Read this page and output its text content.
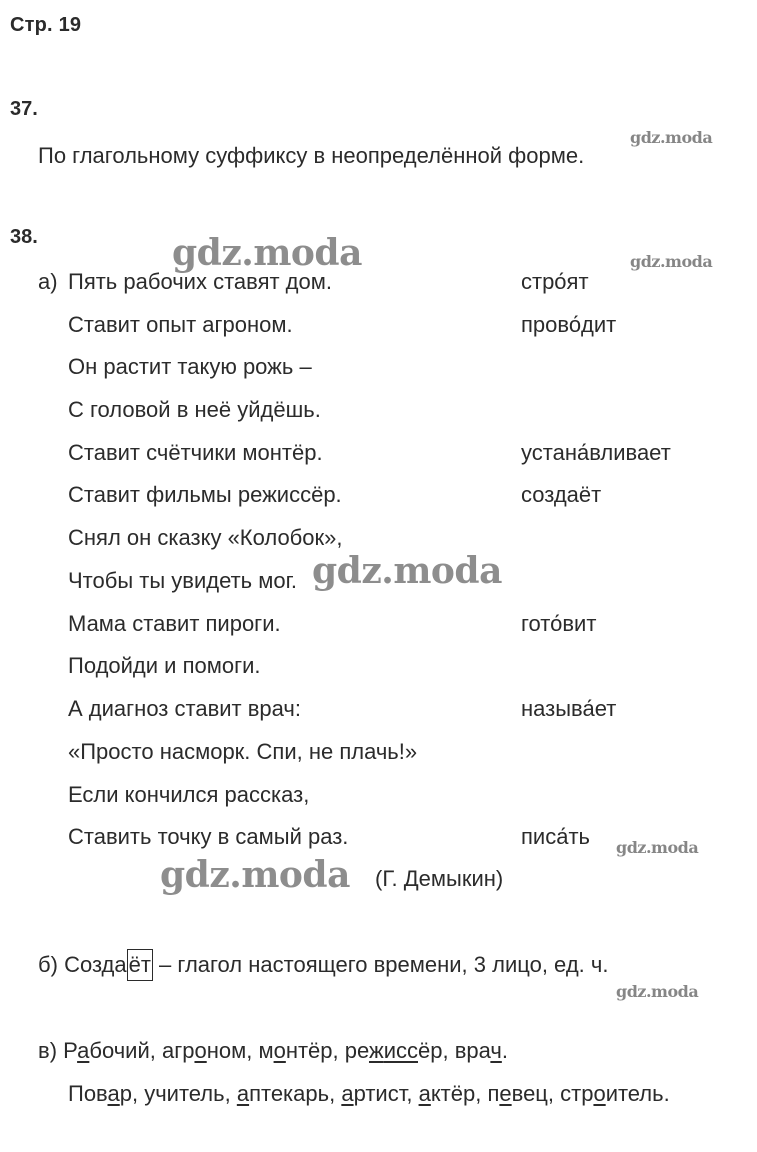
Стр. 19
37.
По глагольному суффиксу в неопределённой форме.
38.
а) Пять рабочих ставят дом.
Ставит опыт агроном.
Он растит такую рожь –
С головой в неё уйдёшь.
Ставит счётчики монтёр.
Ставит фильмы режиссёр.
Снял он сказку «Колобок»,
Чтобы ты увидеть мог.
Мама ставит пироги.
Подойди и помоги.
А диагноз ставит врач:
«Просто насморк. Спи, не плачь!»
Если кончился рассказ,
Ставить точку в самый раз.
стро́ят
прово́дит
устана́вливает
создаёт
гото́вит
называ́ет
писа́ть
(Г. Демыкин)
б) Создаёт – глагол настоящего времени, 3 лицо, ед. ч.
в) Рабочий, агроном, монтёр, режиссёр, врач.
Повар, учитель, аптекарь, артист, актёр, певец, строитель.
gdz.moda
gdz.moda	gdz.moda
gdz.moda
gdz.moda
gdz.moda
gdz.moda
